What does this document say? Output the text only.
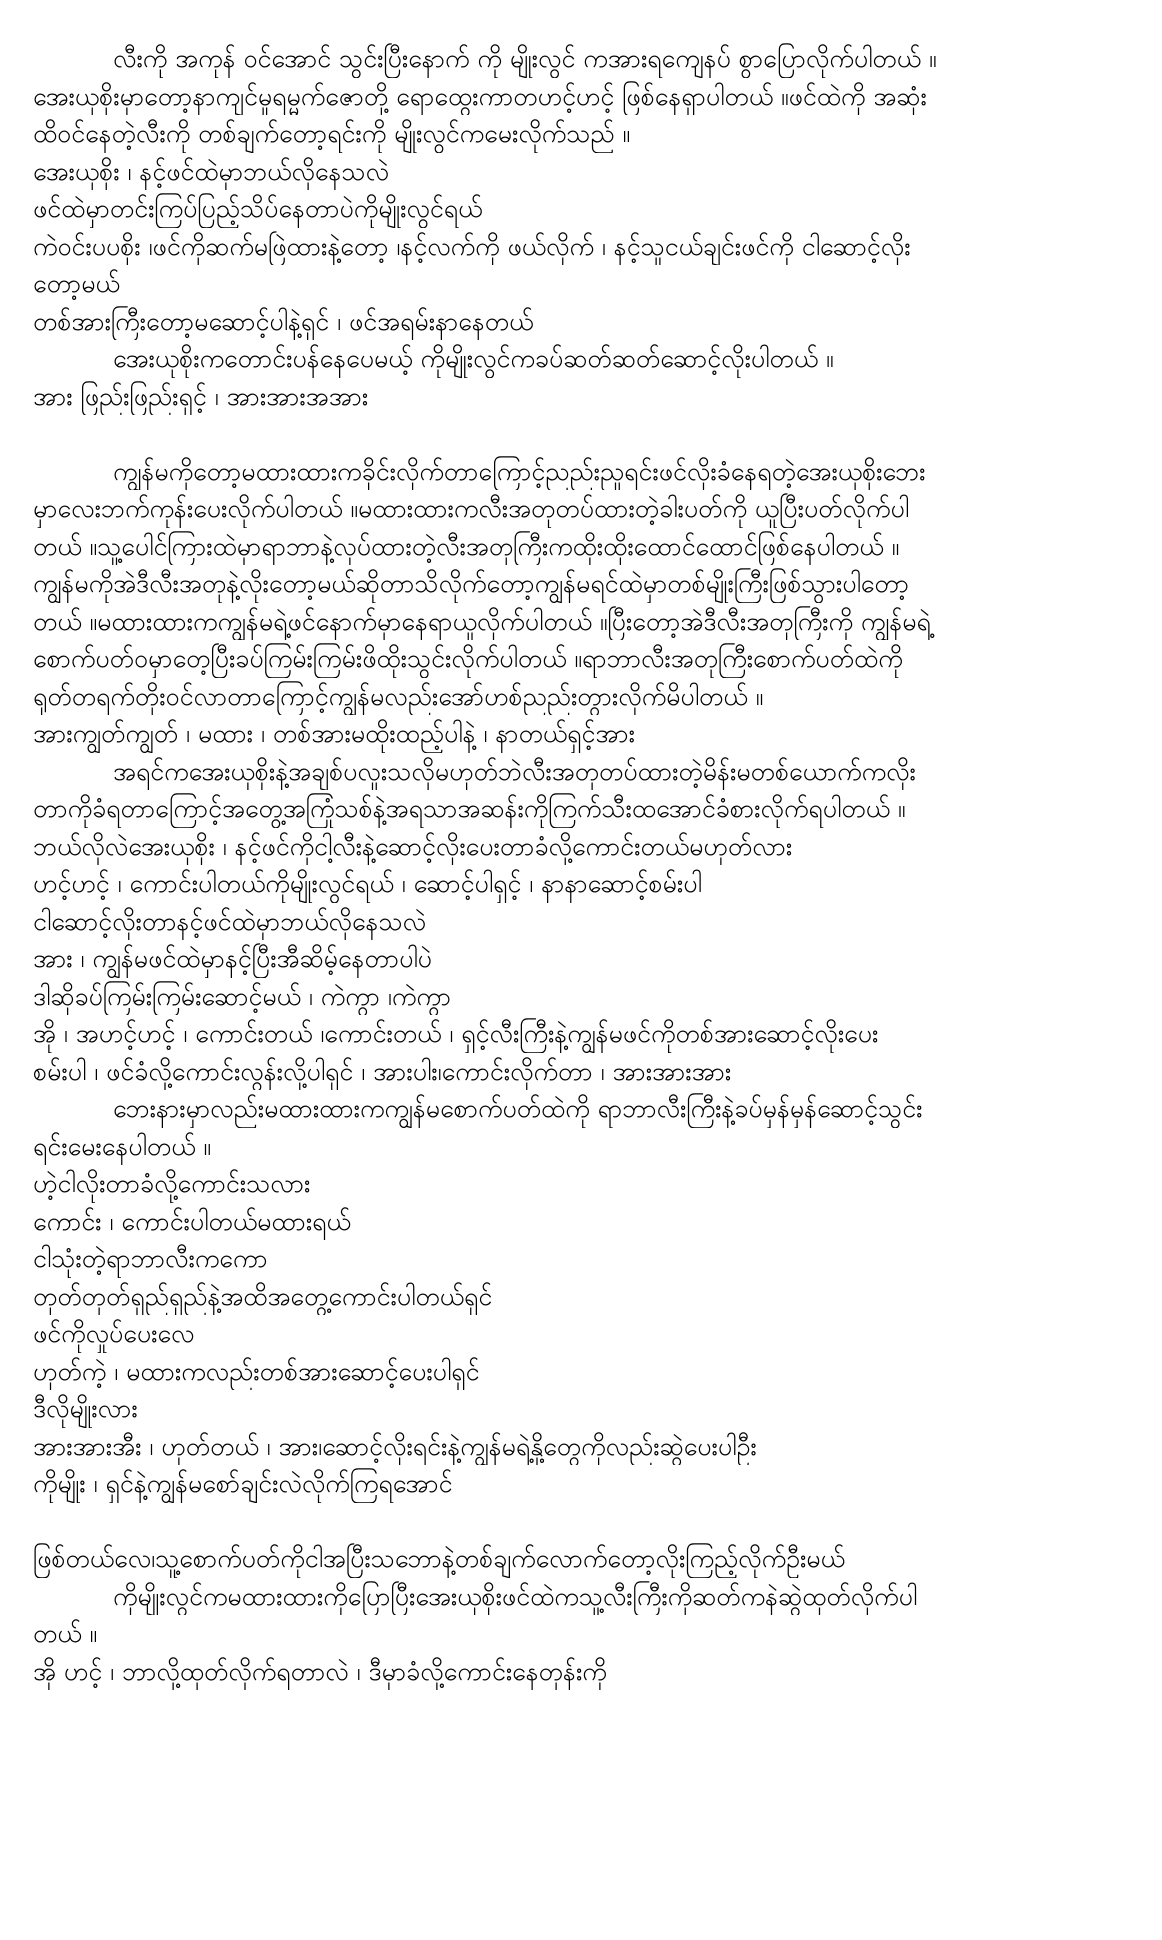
လီးကို အကုန် ဝင်အောင် သွင်းပြီးနောက် ကို မျိုးလွင် ကအားရကျေနပ် စွာပြောလိုက်ပါတယ် ။
အေးယုစိုးမှာတော့နာကျင်မှုရမ္မက်ဇောတို့ ရောထွေးကာတဟင့်ဟင့် ဖြစ်နေရှာပါတယ် ။ဖင်ထဲကို အဆုံး
ထိဝင်နေတဲ့လီးကို တစ်ချက်တော့ရင်းကို မျိုးလွင်ကမေးလိုက်သည် ။
အေးယုစိုး ၊ နင့်ဖင်ထဲမှာဘယ်လိုနေသလဲ
ဖင်ထဲမှာတင်းကြပ်ပြည့်သိပ်နေတာပဲကိုမျိုးလွင်ရယ်
ကဲဝင်းပပစိုး ၊ဖင်ကိုဆက်မဖြဲထားနဲ့တော့ ၊နင့်လက်ကို ဖယ်လိုက် ၊ နင့်သူငယ်ချင်းဖင်ကို ငါဆောင့်လိုး
တော့မယ်
တစ်အားကြီးတော့မဆောင့်ပါနဲ့ရှင် ၊ ဖင်အရမ်းနာနေတယ်
အေးယုစိုးကတောင်းပန်နေပေမယ့် ကိုမျိုးလွင်ကခပ်ဆတ်ဆတ်ဆောင့်လိုးပါတယ် ။
အား ဖြည်းဖြည်းရှင့် ၊ အားအားအအား
ကျွန်မကိုတော့မထားထားကခိုင်းလိုက်တာကြောင့်ညည်းညူရင်းဖင်လိုးခံနေရတဲ့အေးယုစိုးဘေး
မှာလေးဘက်ကုန်းပေးလိုက်ပါတယ် ။မထားထားကလီးအတုတပ်ထားတဲ့ခါးပတ်ကို ယူပြီးပတ်လိုက်ပါ
တယ် ။သူ့ပေါင်ကြားထဲမှာရာဘာနဲ့လုပ်ထားတဲ့လီးအတုကြီးကထိုးထိုးထောင်ထောင်ဖြစ်နေပါတယ် ။
ကျွန်မကိုအဲဒီလီးအတုနဲ့လိုးတော့မယ်ဆိုတာသိလိုက်တော့ကျွန်မရင်ထဲမှာတစ်မျိုးကြီးဖြစ်သွားပါတော့
တယ် ။မထားထားကကျွန်မရဲ့ဖင်နောက်မှာနေရာယူလိုက်ပါတယ် ။ပြီးတော့အဲဒီလီးအတုကြီးကို ကျွန်မရဲ့
စောက်ပတ်ဝမှာတေ့ပြီးခပ်ကြမ်းကြမ်းဖိထိုးသွင်းလိုက်ပါတယ် ။ရာဘာလီးအတုကြီးစောက်ပတ်ထဲကို
ရုတ်တရက်တိုးဝင်လာတာကြောင့်ကျွန်မလည်းအော်ဟစ်ညည်းတွားလိုက်မိပါတယ် ။
အားကျွတ်ကျွတ် ၊ မထား ၊ တစ်အားမထိုးထည့်ပါနဲ့ ၊ နာတယ်ရှင့်အား
အရင်ကအေးယုစိုးနဲ့အချစ်ပလူးသလိုမဟုတ်ဘဲလီးအတုတပ်ထားတဲ့မိန်းမတစ်ယောက်ကလိုး
တာကိုခံရတာကြောင့်အတွေ့အကြုံသစ်နဲ့အရသာအဆန်းကိုကြက်သီးထအောင်ခံစားလိုက်ရပါတယ် ။
ဘယ်လိုလဲအေးယုစိုး ၊ နင့်ဖင်ကိုငါ့လီးနဲ့ဆောင့်လိုးပေးတာခံလို့ကောင်းတယ်မဟုတ်လား
ဟင့်ဟင့် ၊ ကောင်းပါတယ်ကိုမျိုးလွင်ရယ် ၊ ဆောင့်ပါရှင့် ၊ နာနာဆောင့်စမ်းပါ
ငါဆောင့်လိုးတာနင့်ဖင်ထဲမှာဘယ်လိုနေသလဲ
အား ၊ ကျွန်မဖင်ထဲမှာနင့်ပြီးအီဆိမ့်နေတာပါပဲ
ဒါဆိုခပ်ကြမ်းကြမ်းဆောင့်မယ် ၊ ကဲကွာ ၊ကဲကွာ
အို ၊ အဟင့်ဟင့် ၊ ကောင်းတယ် ၊ကောင်းတယ် ၊ ရှင့်လီးကြီးနဲ့ကျွန်မဖင်ကိုတစ်အားဆောင့်လိုးပေး
စမ်းပါ ၊ ဖင်ခံလို့ကောင်းလွန်းလို့ပါရှင် ၊ အားပါး၊ကောင်းလိုက်တာ ၊ အားအားအား
ဘေးနားမှာလည်းမထားထားကကျွန်မစောက်ပတ်ထဲကို ရာဘာလီးကြီးနဲ့ခပ်မှန်မှန်ဆောင့်သွင်း
ရင်းမေးနေပါတယ် ။
ဟဲ့ငါလိုးတာခံလို့ကောင်းသလား
ကောင်း ၊ ကောင်းပါတယ်မထားရယ်
ငါသုံးတဲ့ရာဘာလီးကကော
တုတ်တုတ်ရှည်ရှည်နဲ့အထိအတွေ့ကောင်းပါတယ်ရှင်
ဖင်ကိုလှုပ်ပေးလေ
ဟုတ်ကဲ့ ၊ မထားကလည်းတစ်အားဆောင့်ပေးပါရှင်
ဒီလိုမျိုးလား
အားအားအီး ၊ ဟုတ်တယ် ၊ အား၊ဆောင့်လိုးရင်းနဲ့ကျွန်မရဲ့နို့တွေကိုလည်းဆွဲပေးပါဦး
ကိုမျိုး ၊ ရှင်နဲ့ကျွန်မစော်ချင်းလဲလိုက်ကြရအောင်
ဖြစ်တယ်လေ၊သူ့စောက်ပတ်ကိုငါအပြီးသဘောနဲ့တစ်ချက်လောက်တော့လိုးကြည့်လိုက်ဦးမယ်
ကိုမျိုးလွင်ကမထားထားကိုပြောပြီးအေးယုစိုးဖင်ထဲကသူ့လီးကြီးကိုဆတ်ကနဲဆွဲထုတ်လိုက်ပါ
တယ် ။
အို ဟင့် ၊ ဘာလို့ထုတ်လိုက်ရတာလဲ ၊ ဒီမှာခံလို့ကောင်းနေတုန်းကို
